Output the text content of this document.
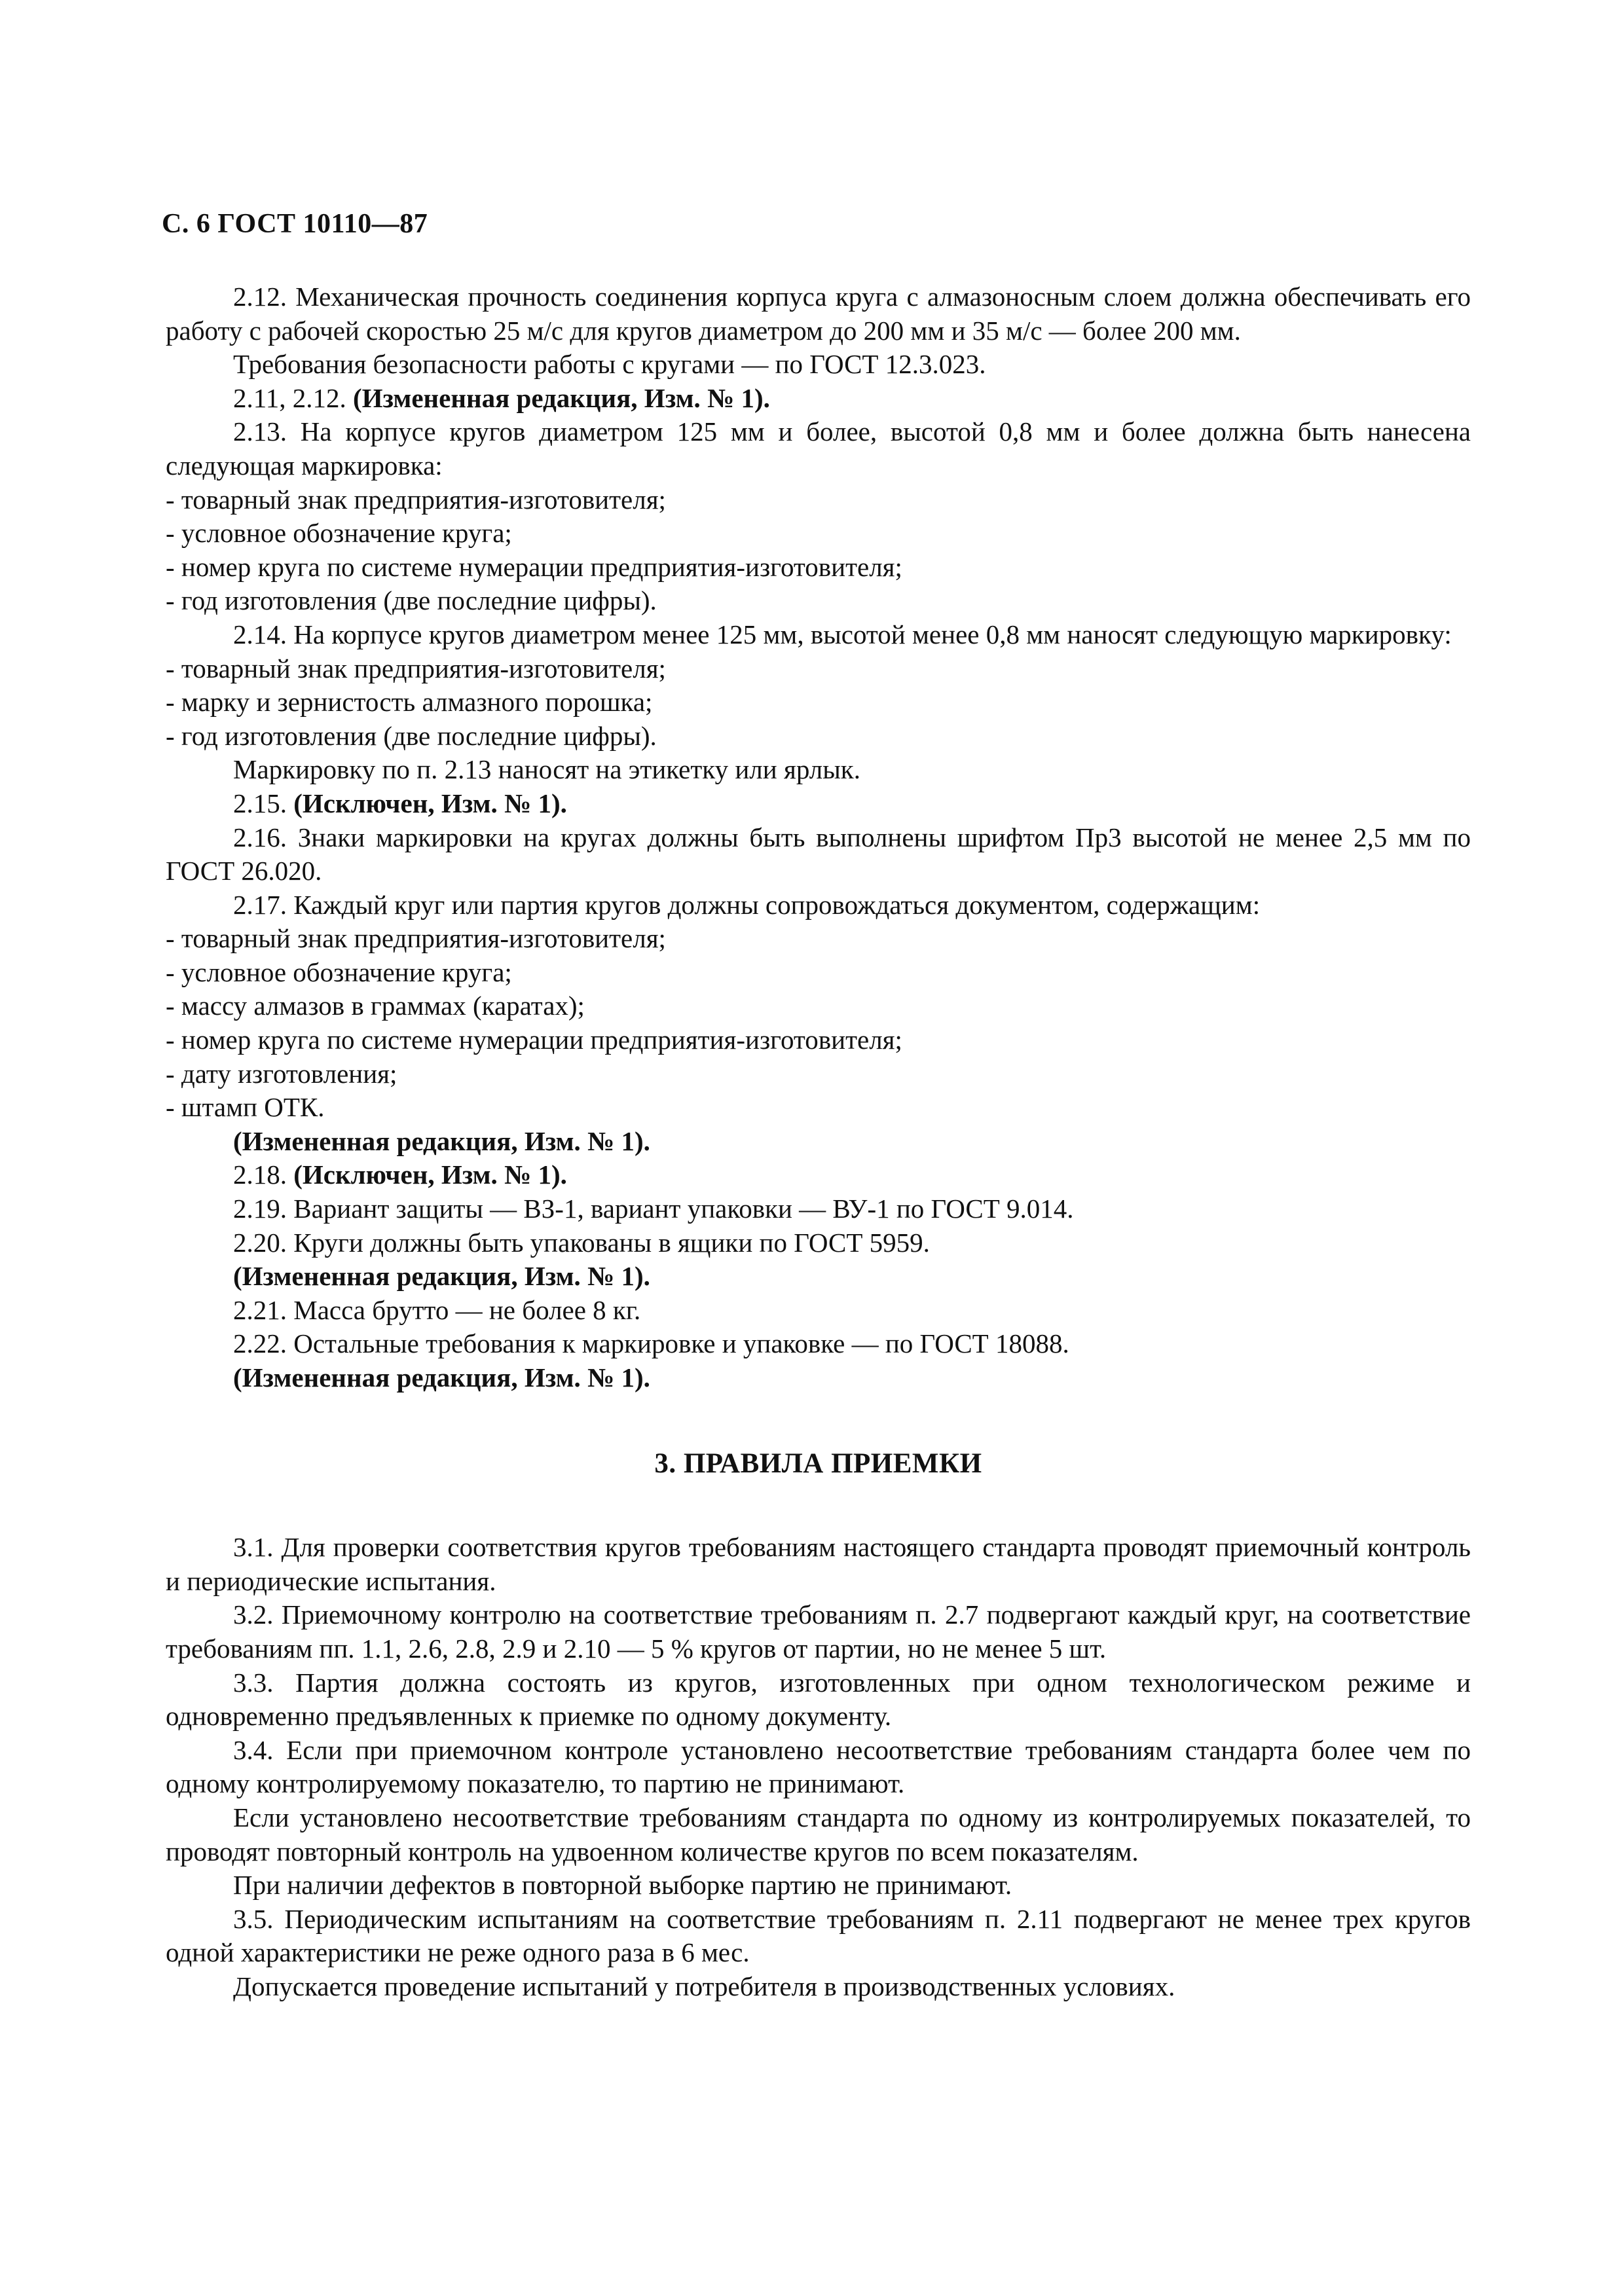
С. 6 ГОСТ 10110—87

2.12. Механическая прочность соединения корпуса круга с алмазоносным слоем должна обеспечивать его работу с рабочей скоростью 25 м/с для кругов диаметром до 200 мм и 35 м/с — более 200 мм.

Требования безопасности работы с кругами — по ГОСТ 12.3.023.

2.11, 2.12. (Измененная редакция, Изм. № 1).

2.13. На корпусе кругов диаметром 125 мм и более, высотой 0,8 мм и более должна быть нанесена следующая маркировка:

- товарный знак предприятия-изготовителя;

- условное обозначение круга;

- номер круга по системе нумерации предприятия-изготовителя;

- год изготовления (две последние цифры).

2.14. На корпусе кругов диаметром менее 125 мм, высотой менее 0,8 мм наносят следующую маркировку:

- товарный знак предприятия-изготовителя;

- марку и зернистость алмазного порошка;

- год изготовления (две последние цифры).

Маркировку по п. 2.13 наносят на этикетку или ярлык.

2.15. (Исключен, Изм. № 1).

2.16. Знаки маркировки на кругах должны быть выполнены шрифтом Пр3 высотой не менее 2,5 мм по ГОСТ 26.020.

2.17. Каждый круг или партия кругов должны сопровождаться документом, содержащим:

- товарный знак предприятия-изготовителя;

- условное обозначение круга;

- массу алмазов в граммах (каратах);

- номер круга по системе нумерации предприятия-изготовителя;

- дату изготовления;

- штамп ОТК.

(Измененная редакция, Изм. № 1).

2.18. (Исключен, Изм. № 1).

2.19. Вариант защиты — ВЗ-1, вариант упаковки — ВУ-1 по ГОСТ 9.014.

2.20. Круги должны быть упакованы в ящики по ГОСТ 5959.

(Измененная редакция, Изм. № 1).

2.21. Масса брутто — не более 8 кг.

2.22. Остальные требования к маркировке и упаковке — по ГОСТ 18088.

(Измененная редакция, Изм. № 1).

3. ПРАВИЛА ПРИЕМКИ

3.1. Для проверки соответствия кругов требованиям настоящего стандарта проводят приемочный контроль и периодические испытания.

3.2. Приемочному контролю на соответствие требованиям п. 2.7 подвергают каждый круг, на соответствие требованиям пп. 1.1, 2.6, 2.8, 2.9 и 2.10 — 5 % кругов от партии, но не менее 5 шт.

3.3. Партия должна состоять из кругов, изготовленных при одном технологическом режиме и одновременно предъявленных к приемке по одному документу.

3.4. Если при приемочном контроле установлено несоответствие требованиям стандарта более чем по одному контролируемому показателю, то партию не принимают.

Если установлено несоответствие требованиям стандарта по одному из контролируемых показателей, то проводят повторный контроль на удвоенном количестве кругов по всем показателям.

При наличии дефектов в повторной выборке партию не принимают.

3.5. Периодическим испытаниям на соответствие требованиям п. 2.11 подвергают не менее трех кругов одной характеристики не реже одного раза в 6 мес.

Допускается проведение испытаний у потребителя в производственных условиях.
